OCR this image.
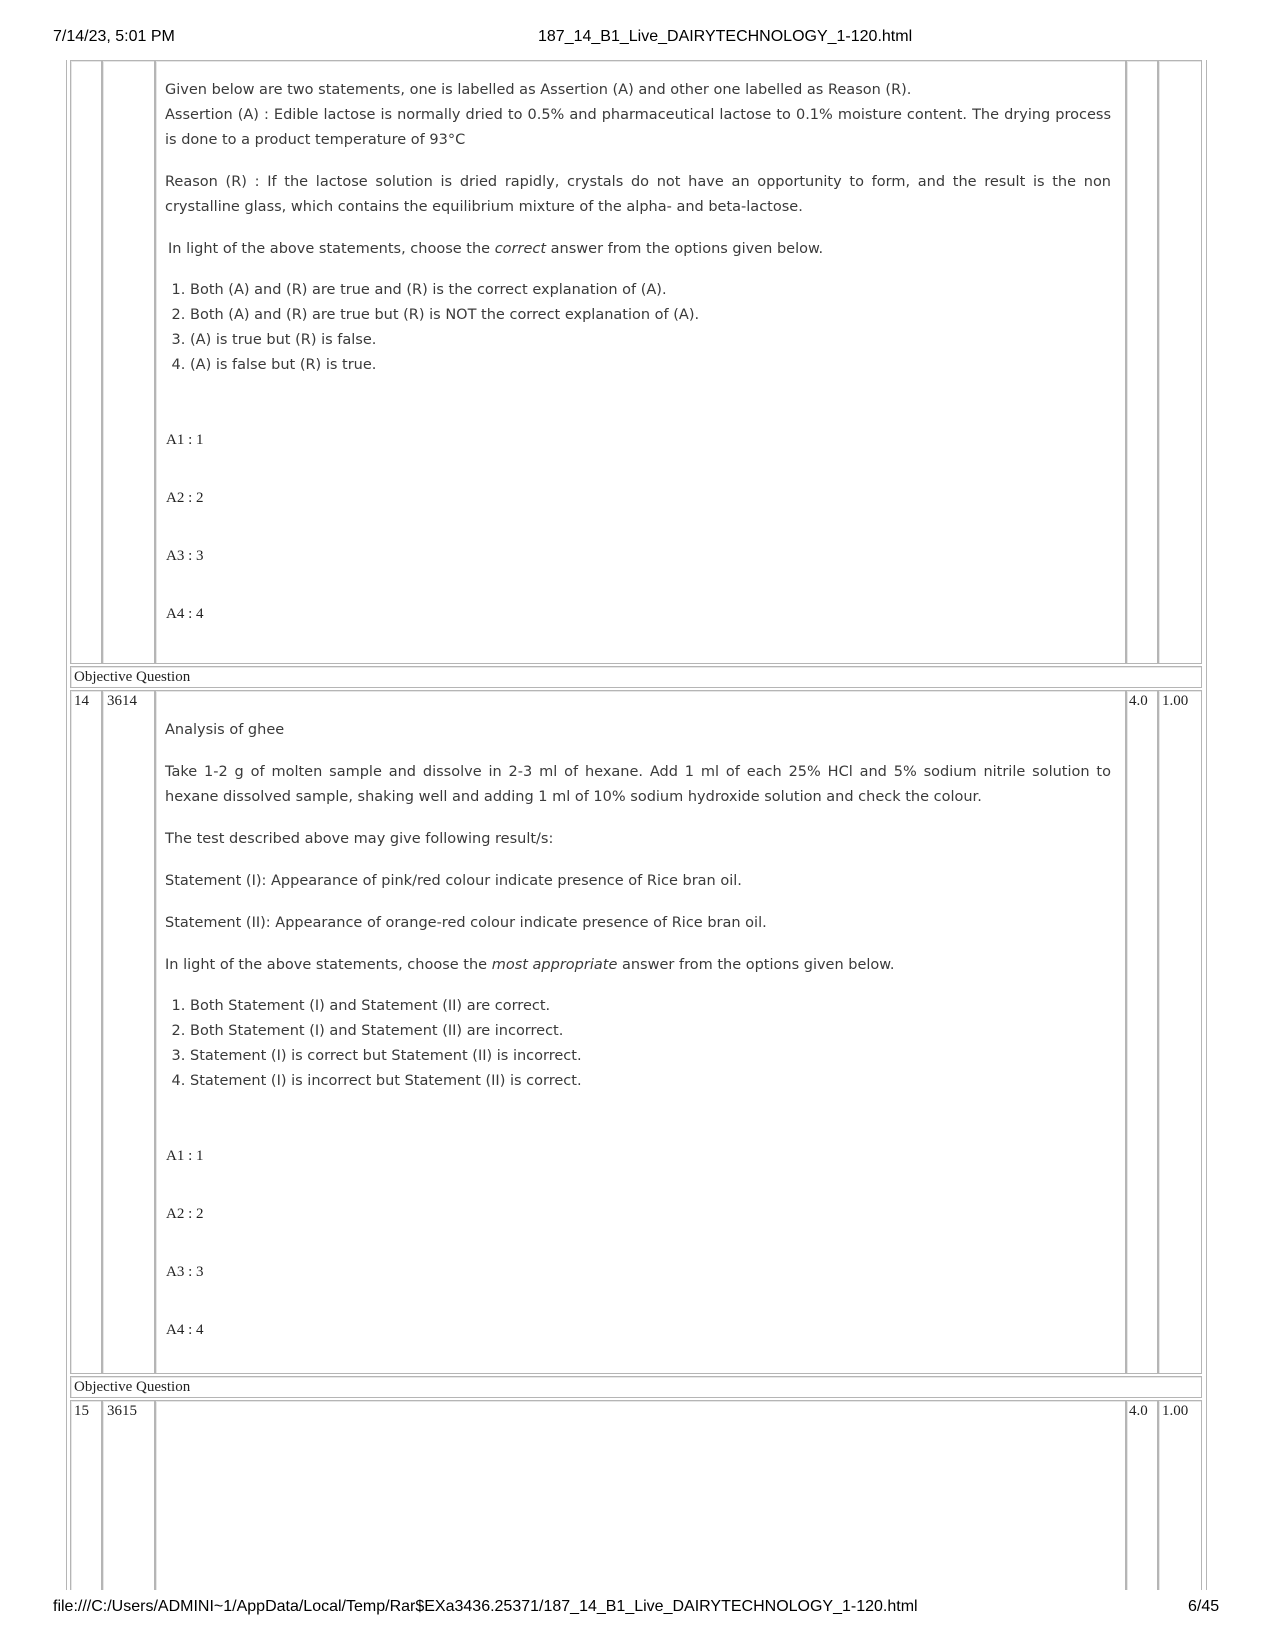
7/14/23, 5:01 PM	187_14_B1_Live_DAIRYTECHNOLOGY_1-120.html

Given below are two statements, one is labelled as Assertion (A) and other one labelled as Reason (R).

Assertion (A) : Edible lactose is normally dried to 0.5% and pharmaceutical lactose to 0.1% moisture content. The drying process is done to a product temperature of 93°C

Reason (R) : If the lactose solution is dried rapidly, crystals do not have an opportunity to form, and the result is the non crystalline glass, which contains the equilibrium mixture of the alpha- and beta-lactose.

In light of the above statements, choose the correct answer from the options given below.

1. Both (A) and (R) are true and (R) is the correct explanation of (A).
2. Both (A) and (R) are true but (R) is NOT the correct explanation of (A).
3. (A) is true but (R) is false.
4. (A) is false but (R) is true.
A1 : 1
A2 : 2
A3 : 3
A4 : 4
Objective Question
14 3614	4.0 1.00

Analysis of ghee

Take 1-2 g of molten sample and dissolve in 2-3 ml of hexane. Add 1 ml of each 25% HCl and 5% sodium nitrile solution to hexane dissolved sample, shaking well and adding 1 ml of 10% sodium hydroxide solution and check the colour.

The test described above may give following result/s:

Statement (I): Appearance of pink/red colour indicate presence of Rice bran oil.

Statement (II): Appearance of orange-red colour indicate presence of Rice bran oil.

In light of the above statements, choose the most appropriate answer from the options given below.

1. Both Statement (I) and Statement (II) are correct.
2. Both Statement (I) and Statement (II) are incorrect.
3. Statement (I) is correct but Statement (II) is incorrect.
4. Statement (I) is incorrect but Statement (II) is correct.
A1 : 1
A2 : 2
A3 : 3
A4 : 4
Objective Question
15 3615	4.0 1.00
file:///C:/Users/ADMINI~1/AppData/Local/Temp/Rar$EXa3436.25371/187_14_B1_Live_DAIRYTECHNOLOGY_1-120.html	6/45
